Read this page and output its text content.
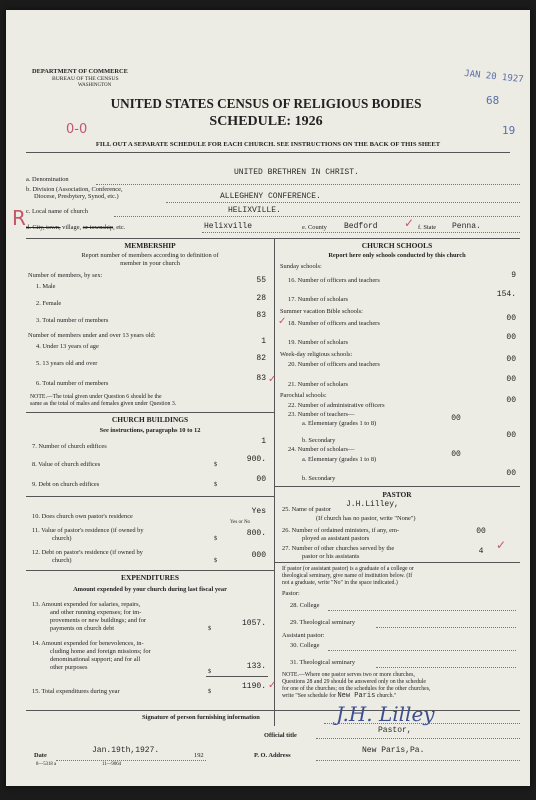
DEPARTMENT OF COMMERCE
BUREAU OF THE CENSUS
WASHINGTON
UNITED STATES CENSUS OF RELIGIOUS BODIES
SCHEDULE: 1926
FILL OUT A SEPARATE SCHEDULE FOR EACH CHURCH. SEE INSTRUCTIONS ON THE BACK OF THIS SHEET
JAN 20 1927
68
19
0-0
a. Denomination
UNITED BRETHREN IN CHRIST.
b. Division (Association, Conference,
Diocese, Presbytery, Synod, etc.)	ALLEGHENY CONFERENCE.
c. Local name of church	HELIXVILLE.
d. City, town, village, or township, etc.	Helixville	e. County Bedford	f. State Penna.
R
MEMBERSHIP
Report number of members according to definition of
member in your church
Number of members, by sex:
1. Male
55
2. Female
28
3. Total number of members
83
Number of members under and over 13 years old:
4. Under 13 years of age
1
5. 13 years old and over
82
6. Total number of members
83
NOTE.—The total given under Question 6 should be the
same as the total of males and females given under Question 3.
CHURCH BUILDINGS
See instructions, paragraphs 10 to 12
7. Number of church edifices
1
8. Value of church edifices	$
900.
9. Debt on church edifices	$
00
10. Does church own pastor's residence
Yes
Yes or No
11. Value of pastor's residence (if owned by
church)	$
800.
12. Debt on pastor's residence (if owned by
church)	$
000
EXPENDITURES
Amount expended by your church during last fiscal year
13. Amount expended for salaries, repairs,
and other running expenses; for im-
provements or new buildings; and for
payments on church debt	$
1057.
14. Amount expended for benevolences, in-
cluding home and foreign missions; for
denominational support; and for all
other purposes
$
133.
15. Total expenditures during year	$
1190.
CHURCH SCHOOLS
Report here only schools conducted by this church
Sunday schools:
16. Number of officers and teachers
9
17. Number of scholars
154.
Summer vacation Bible schools:
18. Number of officers and teachers
00
19. Number of scholars
00
Week-day religious schools:
20. Number of officers and teachers
00
21. Number of scholars
00
Parochial schools:
22. Number of administrative officers
00
23. Number of teachers—
a. Elementary (grades 1 to 8)
00
b. Secondary
00
24. Number of scholars—
a. Elementary (grades 1 to 8)
00
b. Secondary
00
PASTOR
25. Name of pastor
J.H.Lilley,
(If church has no pastor, write "None")
26. Number of ordained ministers, if any, em-
ployed as assistant pastors
00
27. Number of other churches served by the
pastor or his assistants
4
If pastor (or assistant pastor) is a graduate of a college or
theological seminary, give name of institution below. (If
not a graduate, write "No" in the space indicated.)
Pastor:
28. College
29. Theological seminary
Assistant pastor:
30. College
31. Theological seminary
NOTE.—Where one pastor serves two or more churches,
Questions 28 and 29 should be answered only on the schedule
for one of the churches; on the schedules for the other churches,
write "See schedule for New Paris church."
Signature of person furnishing information	J.H. Lilley
Official title
Pastor,
Date
Jan.19th,1927.
192	P. O. Address
New Paris,Pa.
8—5318 a	11—9064
✓
✓
✓
✓
✓
